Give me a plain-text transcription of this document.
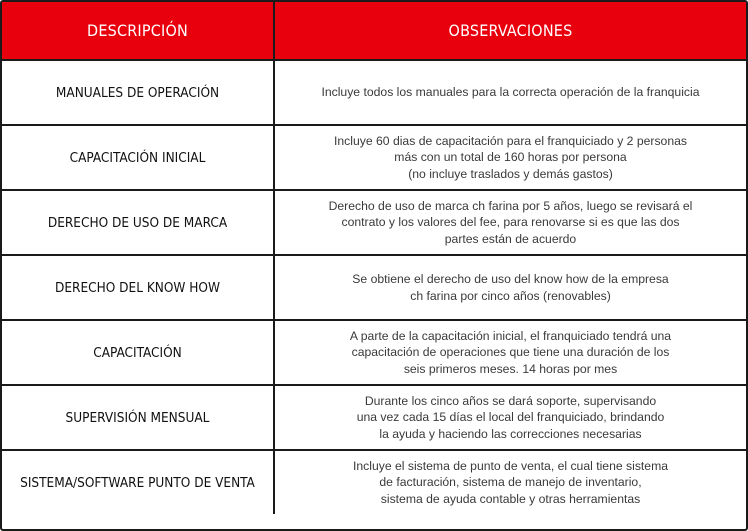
DESCRIPCIÓN	OBSERVACIONES
MANUALES DE OPERACIÓN	Incluye todos los manuales para la correcta operación de la franquicia
CAPACITACIÓN INICIAL
Incluye 60 dias de capacitación para el franquiciado y 2 personas
más con un total de 160 horas por persona
(no incluye traslados y demás gastos)
DERECHO DE USO DE MARCA
Derecho de uso de marca ch farina por 5 años, luego se revisará el
contrato y los valores del fee, para renovarse si es que las dos
partes están de acuerdo
DERECHO DEL KNOW HOW
Se obtiene el derecho de uso del know how de la empresa
ch farina por cinco años (renovables)
CAPACITACIÓN
A parte de la capacitación inicial, el franquiciado tendrá una
capacitación de operaciones que tiene una duración de los
seis primeros meses. 14 horas por mes
SUPERVISIÓN MENSUAL
Durante los cinco años se dará soporte, supervisando
una vez cada 15 días el local del franquiciado, brindando
la ayuda y haciendo las correcciones necesarias
SISTEMA/SOFTWARE PUNTO DE VENTA
Incluye el sistema de punto de venta, el cual tiene sistema
de facturación, sistema de manejo de inventario,
sistema de ayuda contable y otras herramientas
